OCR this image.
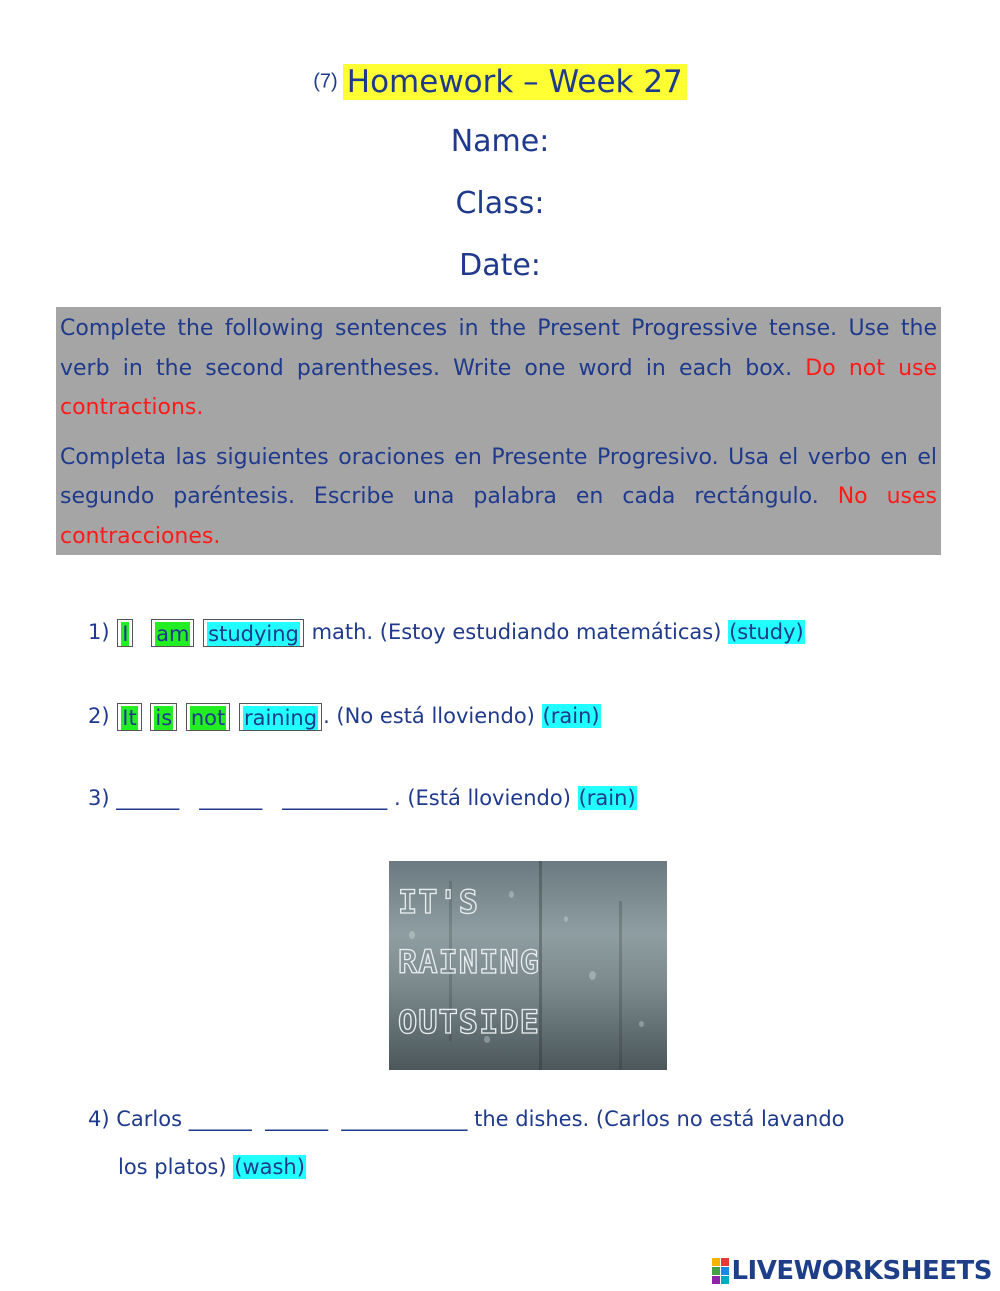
(7) Homework – Week 27
Name:
Class:
Date:

Complete the following sentences in the Present Progressive tense. Use the verb in the second parentheses. Write one word in each box. Do not use contractions.

Completa las siguientes oraciones en Presente Progresivo. Usa el verbo en el segundo paréntesis. Escribe una palabra en cada rectángulo. No uses contracciones.

1) I am studying math. (Estoy estudiando matemáticas) (study)
2) It is not raining . (No está lloviendo) (rain)
3) ______   ______   __________ . (Está lloviendo) (rain)
IT'S
RAINING
OUTSIDE
4) Carlos ______  ______  ____________ the dishes. (Carlos no está lavando
los platos) (wash)
LIVEWORKSHEETS
